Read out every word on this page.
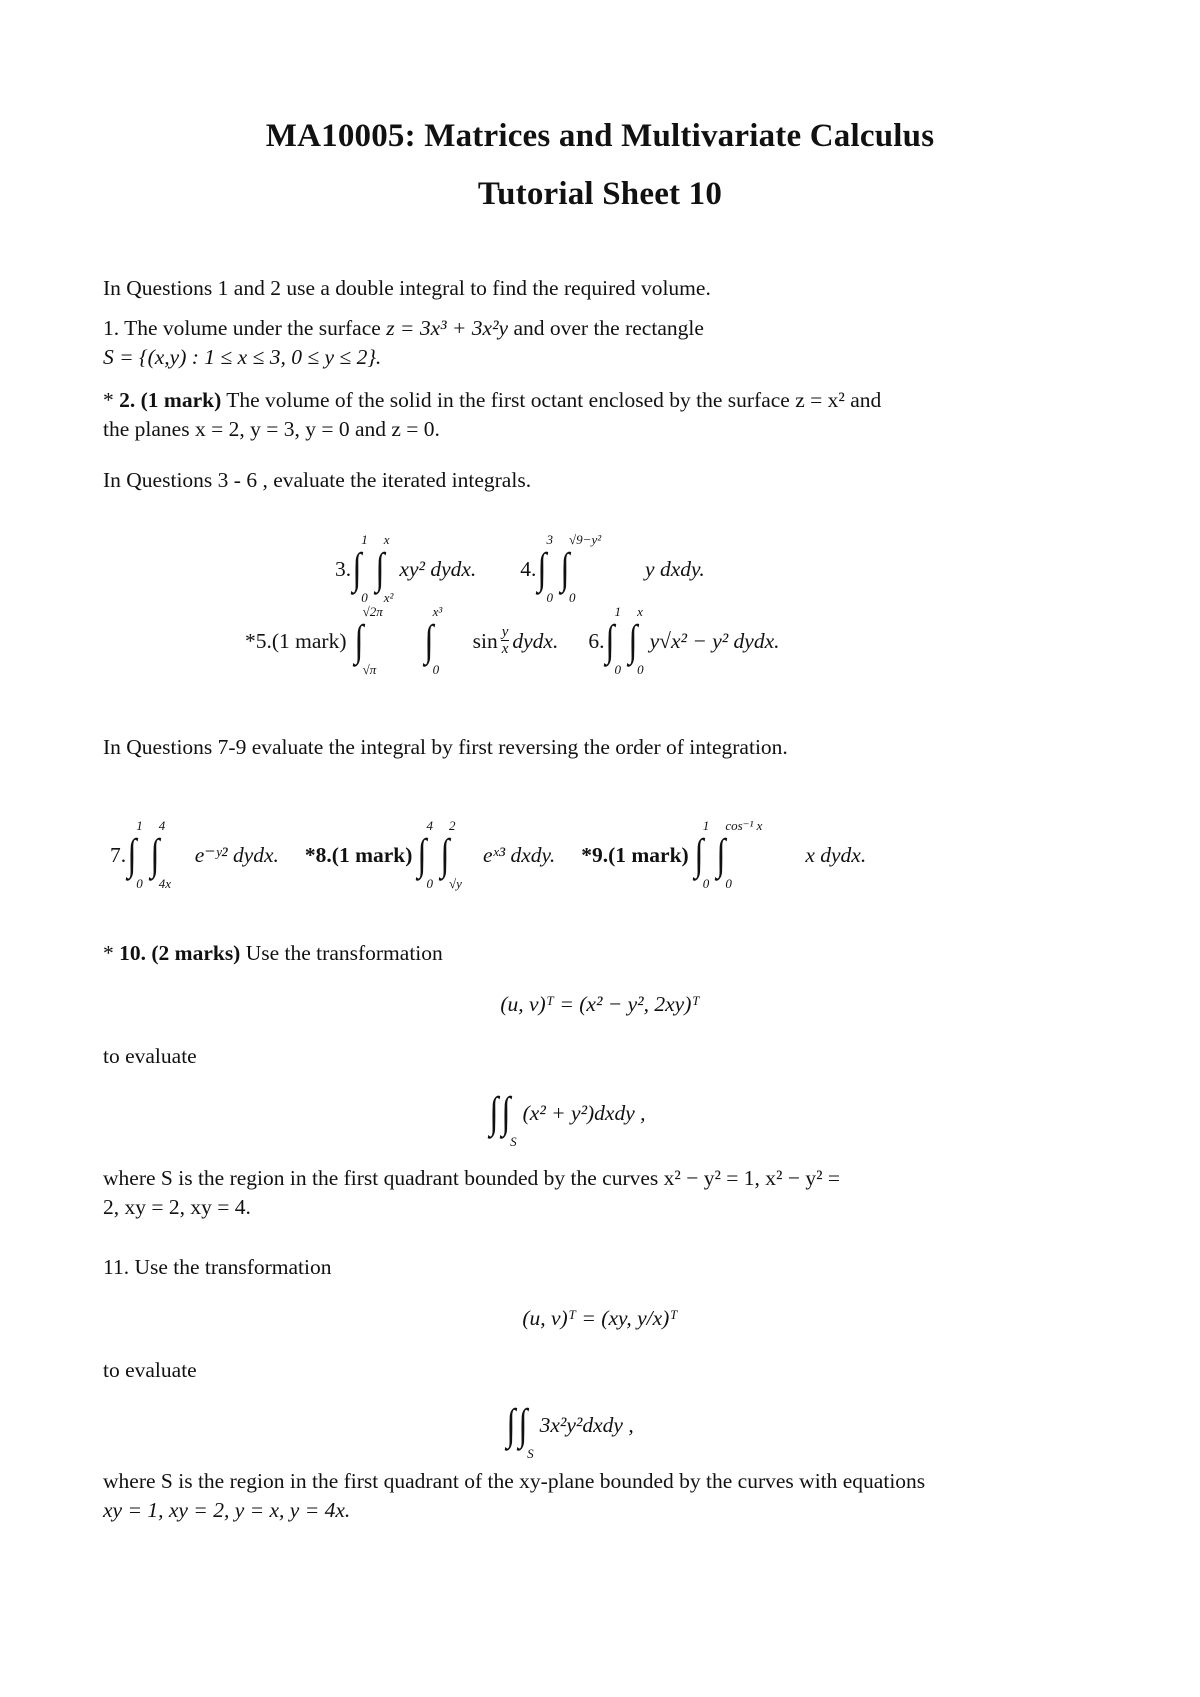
MA10005: Matrices and Multivariate Calculus
Tutorial Sheet 10
In Questions 1 and 2 use a double integral to find the required volume.
1. The volume under the surface z = 3x³ + 3x²y and over the rectangle
S = {(x,y) : 1 ≤ x ≤ 3, 0 ≤ y ≤ 2}.
* 2. (1 mark) The volume of the solid in the first octant enclosed by the surface z = x² and
the planes x = 2, y = 3, y = 0 and z = 0.
In Questions 3 - 6 , evaluate the iterated integrals.
3. ∫
1
0
∫
x
x²
xy² dydx. 4. ∫
3
0
∫
√9−y²
0
y dxdy.
*5.(1 mark) ∫
√2π
√π
∫
x³
0
$\sin \frac{y}{x}$ dydx. 6. ∫
1
0
∫
x
0
y√x² − y² dydx.
In Questions 7-9 evaluate the integral by first reversing the order of integration.
7. ∫
1
0
∫
4
4x
e⁻ʸ² dydx. *8.(1 mark) ∫
4
0
∫
2
√y
eˣ³ dxdy. *9.(1 mark) ∫
1
0
∫
cos⁻¹ x
0
x dydx.
* 10. (2 marks) Use the transformation
(u, v)ᵀ = (x² − y², 2xy)ᵀ
to evaluate
∫ ∫
S
(x² + y²)dxdy ,
where S is the region in the first quadrant bounded by the curves x² − y² = 1, x² − y² =
2, xy = 2, xy = 4.
11. Use the transformation
(u, v)ᵀ = (xy, y/x)ᵀ
to evaluate
∫ ∫
S
3x²y²dxdy ,
where S is the region in the first quadrant of the xy-plane bounded by the curves with equations
xy = 1, xy = 2, y = x, y = 4x.
